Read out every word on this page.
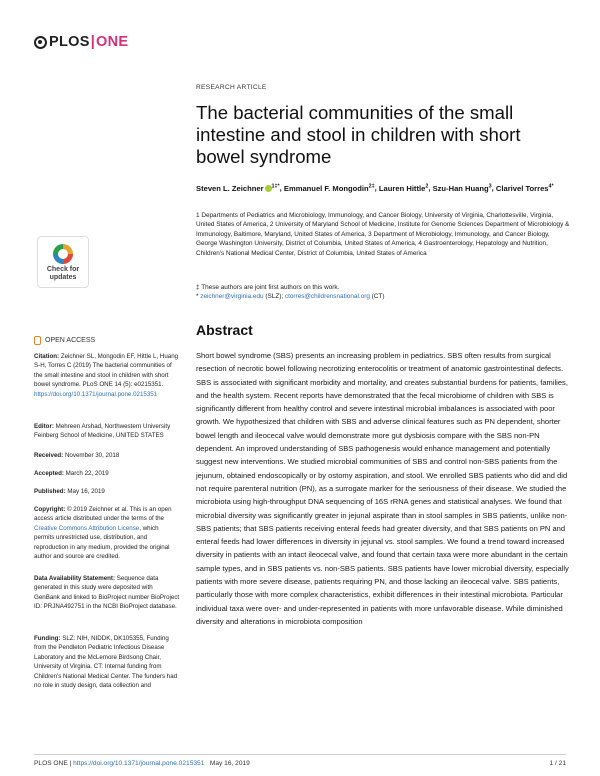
PLOS|ONE
Check for
updates
OPEN ACCESS
Citation: Zeichner SL, Mongodin EF, Hittle L, Huang S-H, Torres C (2019) The bacterial communities of the small intestine and stool in children with short bowel syndrome. PLoS ONE 14 (5): e0215351. https://doi.org/10.1371/journal.pone.0215351
Editor: Mehreen Arshad, Northwestern University Feinberg School of Medicine, UNITED STATES
Received: November 30, 2018
Accepted: March 22, 2019
Published: May 16, 2019
Copyright: © 2019 Zeichner et al. This is an open access article distributed under the terms of the Creative Commons Attribution License, which permits unrestricted use, distribution, and reproduction in any medium, provided the original author and source are credited.
Data Availability Statement: Sequence data generated in this study were deposited with GenBank and linked to BioProject number BioProject ID: PRJNA492751 in the NCBI BioProject database.
Funding: SLZ: NIH, NIDDK, DK105355, Funding from the Pendleton Pediatric Infectious Disease Laboratory and the McLemore Birdsong Chair, University of Virginia. CT: Internal funding from Children's National Medical Center. The funders had no role in study design, data collection and
RESEARCH ARTICLE
The bacterial communities of the small intestine and stool in children with short bowel syndrome
Steven L. Zeichner $^{1\ddagger*}$, Emmanuel F. Mongodin$^{2\ddagger}$, Lauren Hittle$^2$, Szu-Han Huang$^3$, Clarivel Torres$^{4*}$
1 Departments of Pediatrics and Microbiology, Immunology, and Cancer Biology, University of Virginia, Charlottesville, Virginia, United States of America, 2 University of Maryland School of Medicine, Institute for Genome Sciences Department of Microbiology & Immunology, Baltimore, Maryland, United States of America, 3 Department of Microbiology, Immunology, and Cancer Biology, George Washington University, District of Columbia, United States of America, 4 Gastroenterology, Hepatology and Nutrition, Children's National Medical Center, District of Columbia, United States of America
‡ These authors are joint first authors on this work.
* zeichner@virginia.edu (SLZ); ctorres@childrensnational.org (CT)
Abstract

Short bowel syndrome (SBS) presents an increasing problem in pediatrics. SBS often results from surgical resection of necrotic bowel following necrotizing enterocolitis or treatment of anatomic gastrointestinal defects. SBS is associated with significant morbidity and mortality, and creates substantial burdens for patients, families, and the health system. Recent reports have demonstrated that the fecal microbiome of children with SBS is significantly different from healthy control and severe intestinal microbial imbalances is associated with poor growth. We hypothesized that children with SBS and adverse clinical features such as PN dependent, shorter bowel length and ileocecal valve would demonstrate more gut dysbiosis compare with the SBS non-PN dependent. An improved understanding of SBS pathogenesis would enhance management and potentially suggest new interventions. We studied microbial communities of SBS and control non-SBS patients from the jejunum, obtained endoscopically or by ostomy aspiration, and stool. We enrolled SBS patients who did and did not require parenteral nutrition (PN), as a surrogate marker for the seriousness of their disease. We studied the microbiota using high-throughput DNA sequencing of 16S rRNA genes and statistical analyses. We found that microbial diversity was significantly greater in jejunal aspirate than in stool samples in SBS patients, unlike non-SBS patients; that SBS patients receiving enteral feeds had greater diversity, and that SBS patients on PN and enteral feeds had lower differences in diversity in jejunal vs. stool samples. We found a trend toward increased diversity in patients with an intact ileocecal valve, and found that certain taxa were more abundant in the certain sample types, and in SBS patients vs. non-SBS patients. SBS patients have lower microbial diversity, especially patients with more severe disease, patients requiring PN, and those lacking an ileocecal valve. SBS patients, particularly those with more complex characteristics, exhibit differences in their intestinal microbiota. Particular individual taxa were over- and under-represented in patients with more unfavorable disease. While diminished diversity and alterations in microbiota composition

PLOS ONE | https://doi.org/10.1371/journal.pone.0215351 May 16, 2019	1 / 21
